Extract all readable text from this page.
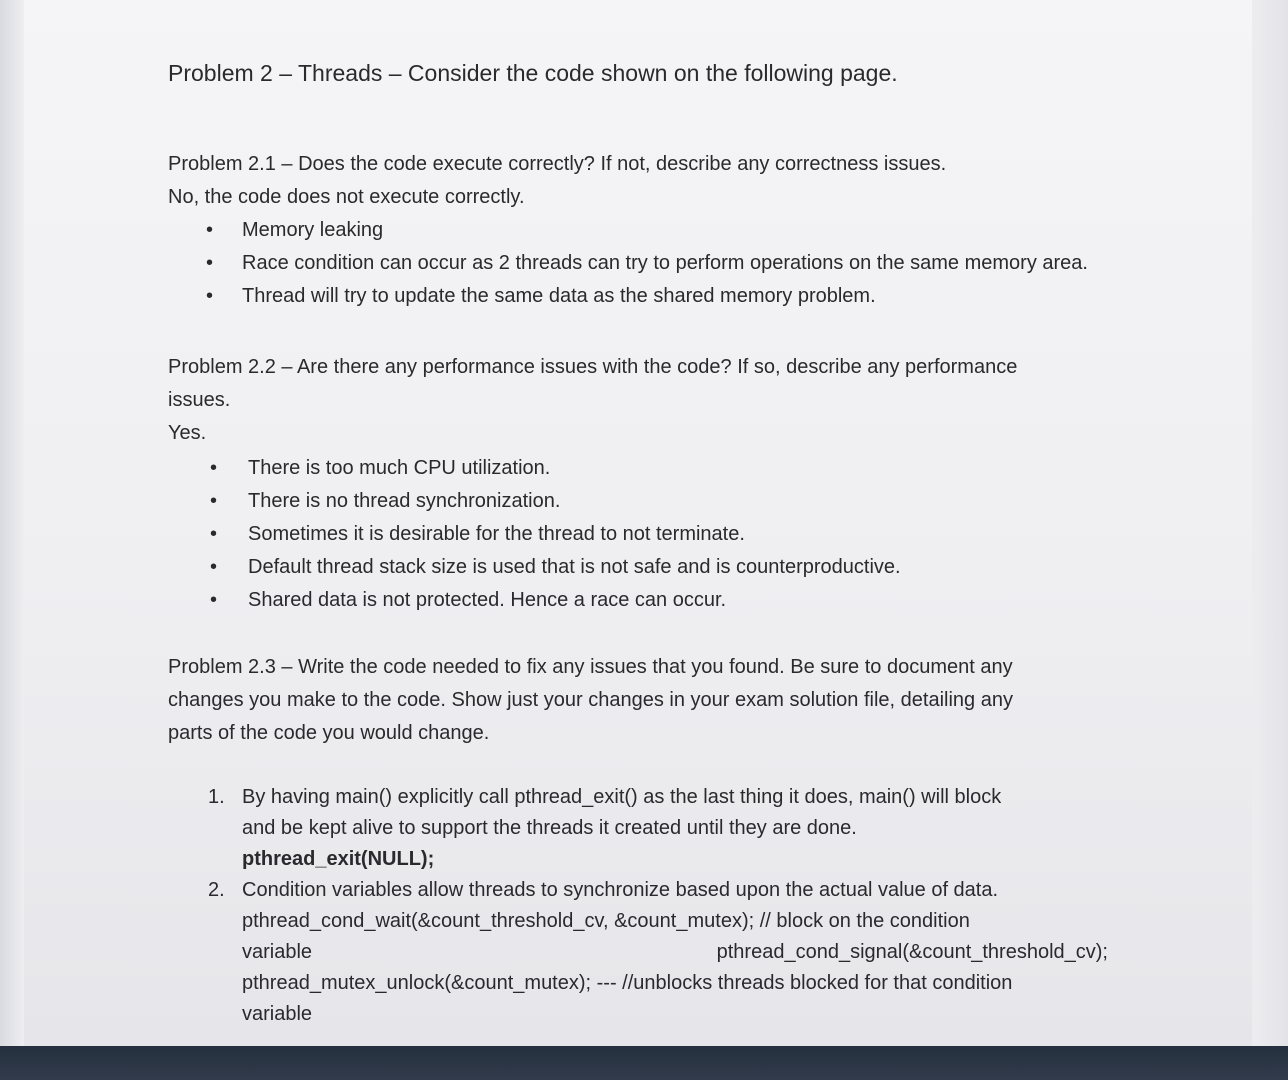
Problem 2 – Threads – Consider the code shown on the following page.

Problem 2.1 – Does the code execute correctly? If not, describe any correctness issues.

No, the code does not execute correctly.

• Memory leaking
• Race condition can occur as 2 threads can try to perform operations on the same memory area.
• Thread will try to update the same data as the shared memory problem.

Problem 2.2 – Are there any performance issues with the code? If so, describe any performance

issues.

Yes.

• There is too much CPU utilization.
• There is no thread synchronization.
• Sometimes it is desirable for the thread to not terminate.
• Default thread stack size is used that is not safe and is counterproductive.
• Shared data is not protected. Hence a race can occur.

Problem 2.3 – Write the code needed to fix any issues that you found. Be sure to document any

changes you make to the code. Show just your changes in your exam solution file, detailing any

parts of the code you would change.

1. By having main() explicitly call pthread_exit() as the last thing it does, main() will block
and be kept alive to support the threads it created until they are done.
pthread_exit(NULL);
2. Condition variables allow threads to synchronize based upon the actual value of data.
pthread_cond_wait(&count_threshold_cv, &count_mutex); // block on the condition
variable	pthread_cond_signal(&count_threshold_cv);
pthread_mutex_unlock(&count_mutex); --- //unblocks threads blocked for that condition
variable
